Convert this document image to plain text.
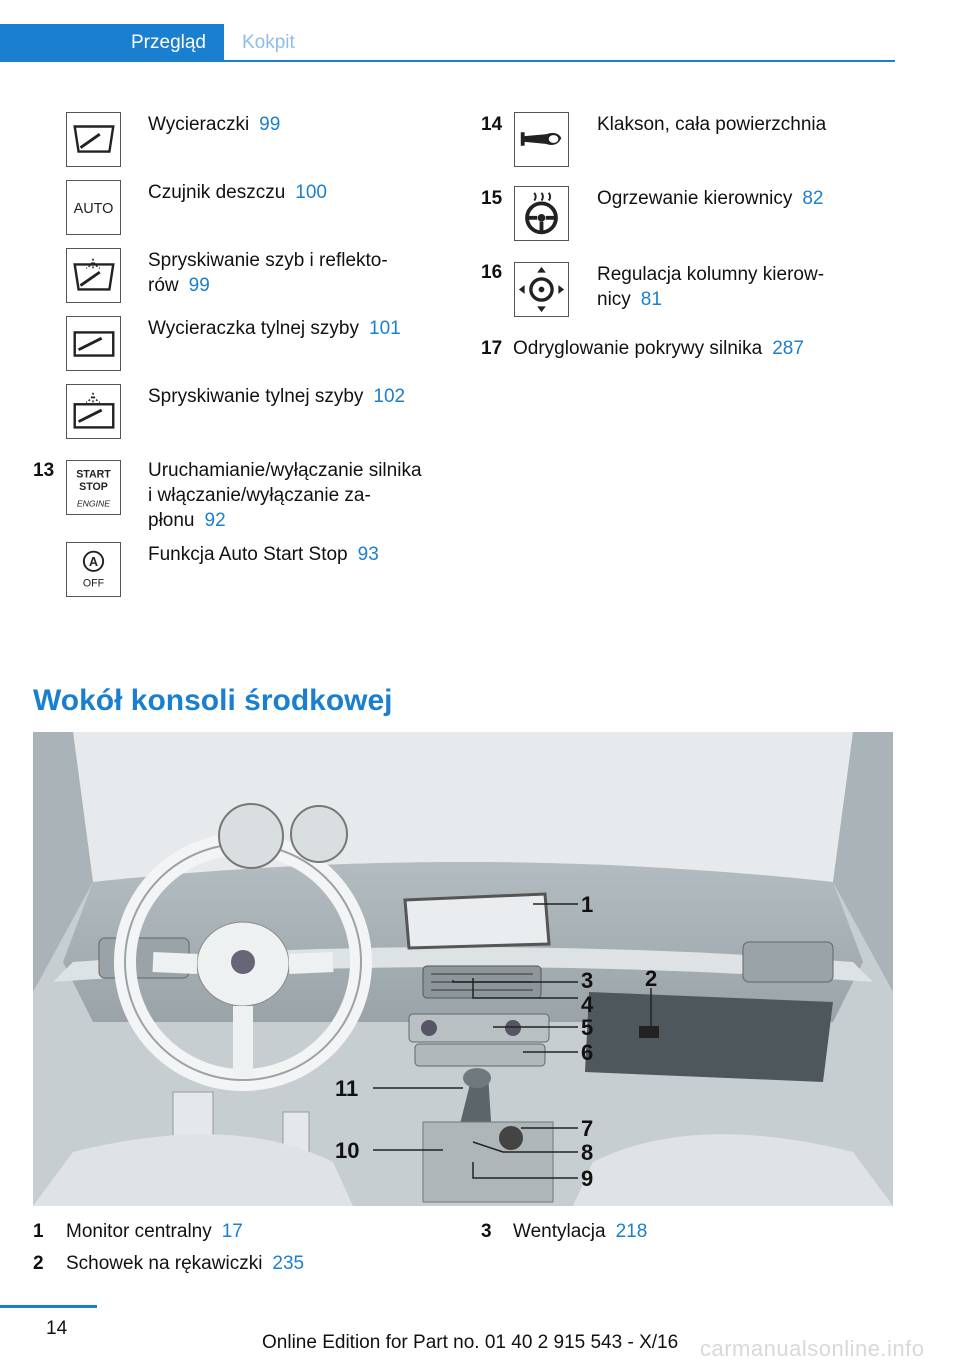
Przegląd	Kokpit
Wycieraczki 99
AUTO
Czujnik deszczu 100
Spryskiwanie szyb i reflekto-
rów 99
Wycieraczka tylnej szyby 101
Spryskiwanie tylnej szyby 102
13 START
STOP
ENGINE
Uruchamianie/wyłączanie silnika
i włączanie/wyłączanie za-
płonu 92
A
OFF
Funkcja Auto Start Stop 93
14	Klakson, cała powierzchnia
15	Ogrzewanie kierownicy 82
16	Regulacja kolumny kierow-
nicy 81
17 Odryglowanie pokrywy silnika 287
Wokół konsoli środkowej
1
2
3
4
5
6
7
8
9
10
11
1 Monitor centralny 17
2 Schowek na rękawiczki 235
3 Wentylacja 218
14
Online Edition for Part no. 01 40 2 915 543 - X/16 carmanualsonline.info
